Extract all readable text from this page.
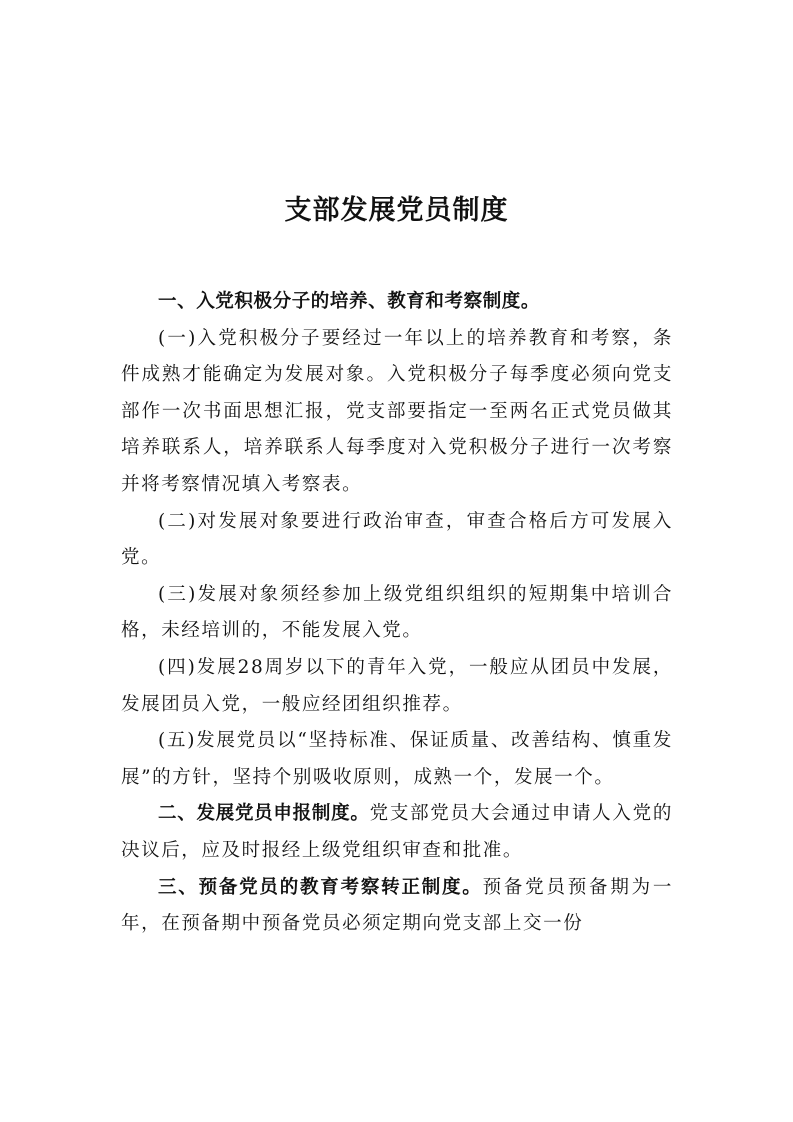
支部发展党员制度

一、入党积极分子的培养、教育和考察制度。

(一)入党积极分子要经过一年以上的培养教育和考察，条件成熟才能确定为发展对象。入党积极分子每季度必须向党支部作一次书面思想汇报，党支部要指定一至两名正式党员做其培养联系人，培养联系人每季度对入党积极分子进行一次考察并将考察情况填入考察表。

(二)对发展对象要进行政治审查，审查合格后方可发展入党。

(三)发展对象须经参加上级党组织组织的短期集中培训合格，未经培训的，不能发展入党。

(四)发展28周岁以下的青年入党，一般应从团员中发展，发展团员入党，一般应经团组织推荐。

(五)发展党员以“坚持标准、保证质量、改善结构、慎重发展”的方针，坚持个别吸收原则，成熟一个，发展一个。

二、发展党员申报制度。党支部党员大会通过申请人入党的决议后，应及时报经上级党组织审查和批准。

三、预备党员的教育考察转正制度。预备党员预备期为一年，在预备期中预备党员必须定期向党支部上交一份
